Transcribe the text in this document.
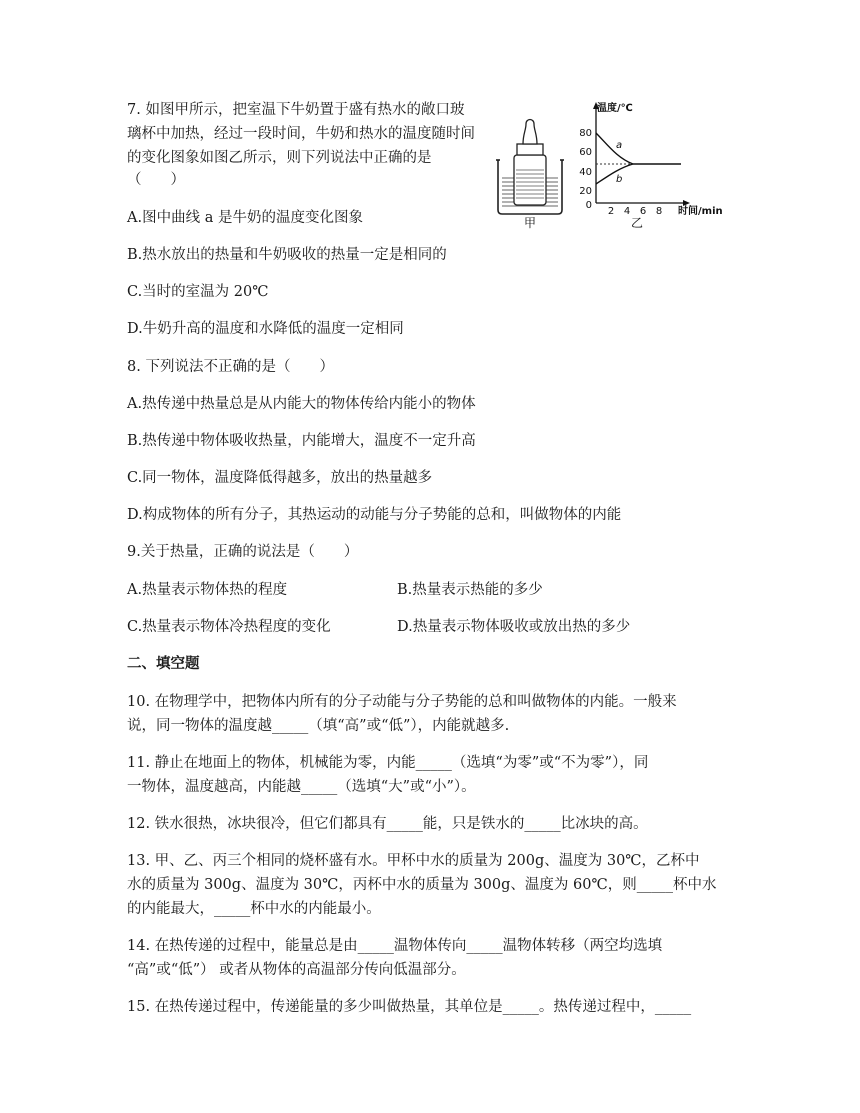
7. 如图甲所示，把室温下牛奶置于盛有热水的敞口玻
璃杯中加热，经过一段时间，牛奶和热水的温度随时间
的变化图象如图乙所示，则下列说法中正确的是
（　　）
A.图中曲线 a 是牛奶的温度变化图象
B.热水放出的热量和牛奶吸收的热量一定是相同的
C.当时的室温为 20℃
D.牛奶升高的温度和水降低的温度一定相同
甲
温度/℃
时间/min
80
60
40
20
0
2 4 6 8
a
b
乙
8. 下列说法不正确的是（　　）
A.热传递中热量总是从内能大的物体传给内能小的物体
B.热传递中物体吸收热量，内能增大，温度不一定升高
C.同一物体，温度降低得越多，放出的热量越多
D.构成物体的所有分子，其热运动的动能与分子势能的总和，叫做物体的内能
9.关于热量，正确的说法是（　　）
A.热量表示物体热的程度	B.热量表示热能的多少
C.热量表示物体冷热程度的变化	D.热量表示物体吸收或放出热的多少
二、填空题
10. 在物理学中，把物体内所有的分子动能与分子势能的总和叫做物体的内能。一般来
说，同一物体的温度越_____（填“高”或“低”），内能就越多.
11. 静止在地面上的物体，机械能为零，内能_____（选填“为零”或“不为零”），同
一物体，温度越高，内能越_____（选填“大”或“小”）。
12. 铁水很热，冰块很冷，但它们都具有_____能，只是铁水的_____比冰块的高。
13. 甲、乙、丙三个相同的烧杯盛有水。甲杯中水的质量为 200g、温度为 30℃，乙杯中
水的质量为 300g、温度为 30℃，丙杯中水的质量为 300g、温度为 60℃，则_____杯中水
的内能最大，_____杯中水的内能最小。
14. 在热传递的过程中，能量总是由_____温物体传向_____温物体转移（两空均选填
“高”或“低”） 或者从物体的高温部分传向低温部分。
15. 在热传递过程中，传递能量的多少叫做热量，其单位是_____。热传递过程中，_____
